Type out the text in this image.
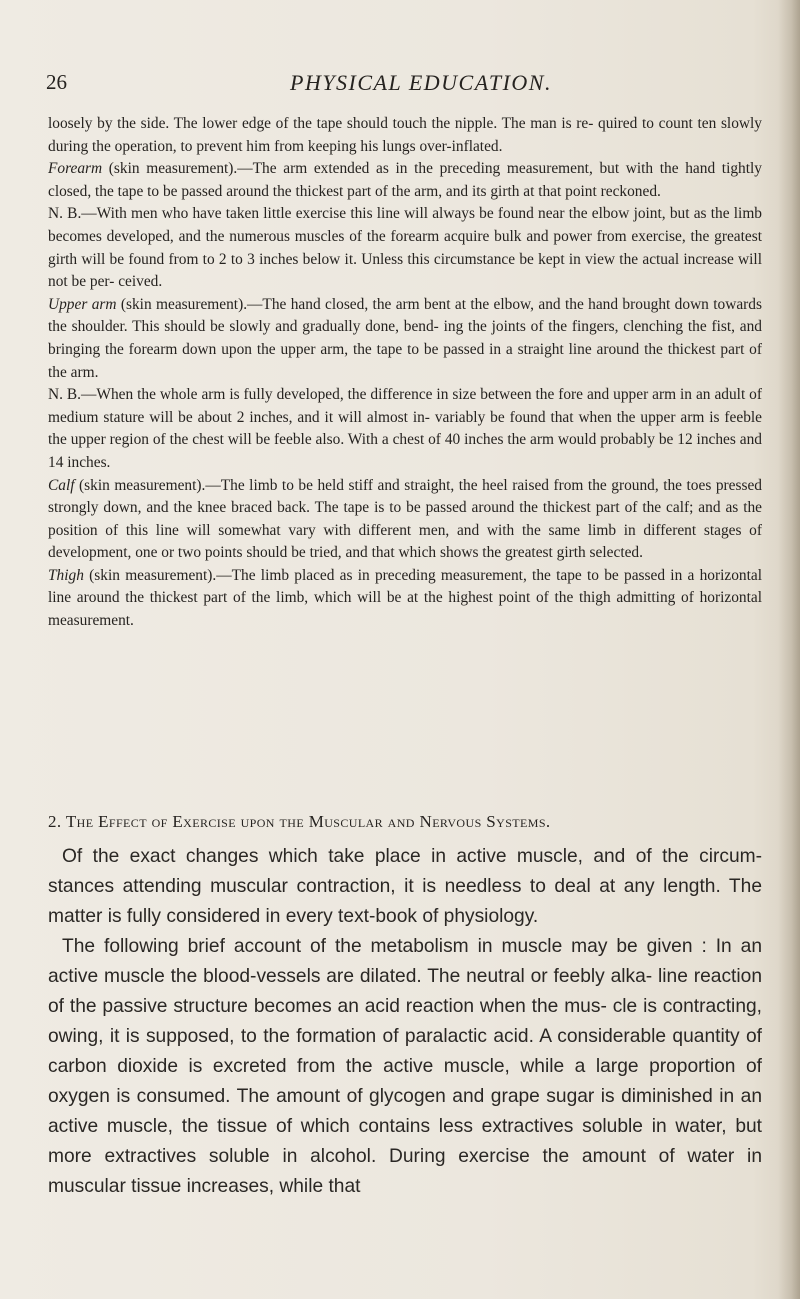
26	PHYSICAL EDUCATION.

loosely by the side. The lower edge of the tape should touch the nipple. The man is re- quired to count ten slowly during the operation, to prevent him from keeping his lungs over-inflated.

Forearm (skin measurement).—The arm extended as in the preceding measurement, but with the hand tightly closed, the tape to be passed around the thickest part of the arm, and its girth at that point reckoned.

N. B.—With men who have taken little exercise this line will always be found near the elbow joint, but as the limb becomes developed, and the numerous muscles of the forearm acquire bulk and power from exercise, the greatest girth will be found from to 2 to 3 inches below it. Unless this circumstance be kept in view the actual increase will not be per- ceived.

Upper arm (skin measurement).—The hand closed, the arm bent at the elbow, and the hand brought down towards the shoulder. This should be slowly and gradually done, bend- ing the joints of the fingers, clenching the fist, and bringing the forearm down upon the upper arm, the tape to be passed in a straight line around the thickest part of the arm.

N. B.—When the whole arm is fully developed, the difference in size between the fore and upper arm in an adult of medium stature will be about 2 inches, and it will almost in- variably be found that when the upper arm is feeble the upper region of the chest will be feeble also. With a chest of 40 inches the arm would probably be 12 inches and 14 inches.

Calf (skin measurement).—The limb to be held stiff and straight, the heel raised from the ground, the toes pressed strongly down, and the knee braced back. The tape is to be passed around the thickest part of the calf; and as the position of this line will somewhat vary with different men, and with the same limb in different stages of development, one or two points should be tried, and that which shows the greatest girth selected.

Thigh (skin measurement).—The limb placed as in preceding measurement, the tape to be passed in a horizontal line around the thickest part of the limb, which will be at the highest point of the thigh admitting of horizontal measurement.

2. The Effect of Exercise upon the Muscular and Nervous Systems.

Of the exact changes which take place in active muscle, and of the circum- stances attending muscular contraction, it is needless to deal at any length. The matter is fully considered in every text-book of physiology.

The following brief account of the metabolism in muscle may be given : In an active muscle the blood-vessels are dilated. The neutral or feebly alka- line reaction of the passive structure becomes an acid reaction when the mus- cle is contracting, owing, it is supposed, to the formation of paralactic acid. A considerable quantity of carbon dioxide is excreted from the active muscle, while a large proportion of oxygen is consumed. The amount of glycogen and grape sugar is diminished in an active muscle, the tissue of which contains less extractives soluble in water, but more extractives soluble in alcohol. During exercise the amount of water in muscular tissue increases, while that
